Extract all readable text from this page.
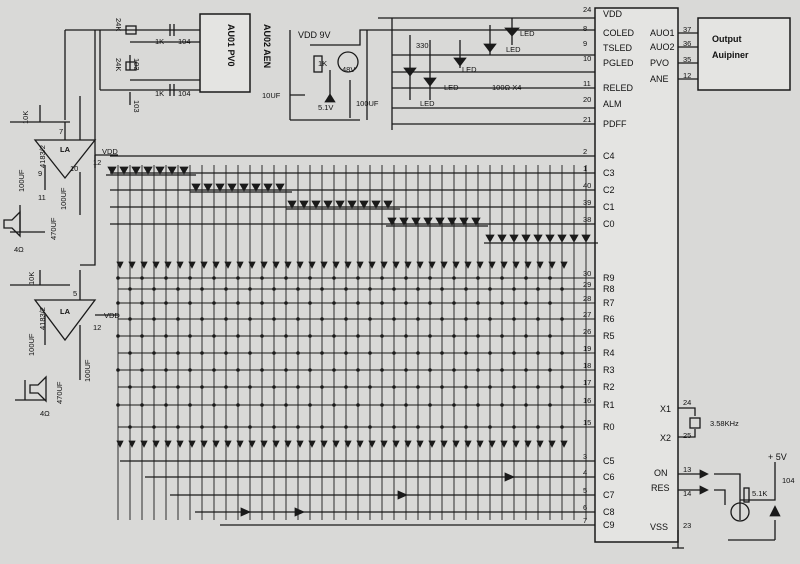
24 VDD
8 COLED
9 TSLED
10 PGLED
11 RELED
20 ALM
21 PDFF
2 C4
1 C3
40 C2
39 C1
38 C0
30 R9
29 R8
28 R7
27 R6
26 R5
19 R4
18 R3
17 R2
16 R1
15 R0
3 C5
4 C6
5 C7
6 C8
7 C9
AUO1 37
AUO2 36
PVO 35
ANE 12
X1
X2
24
25
3.58KHz
ON
RES
13
14	5.1K
+ 5V
104
VSS 23
Output
Auipiner
AU01 PV0	AU02 AEN
24K
24K 103
103
1K
1K
104
104
VDD 9V
1K
48V
10UF
5.1V	100UF
330
LED
LED
LED
LED
LED
100Ω X4
LA
4183/2
10K
VDD
7
10
12
9
11
100UF
100UF
470UF
4Ω
LA
4183/2
10K
VDD
5
12
100UF
100UF
470UF
4Ω
